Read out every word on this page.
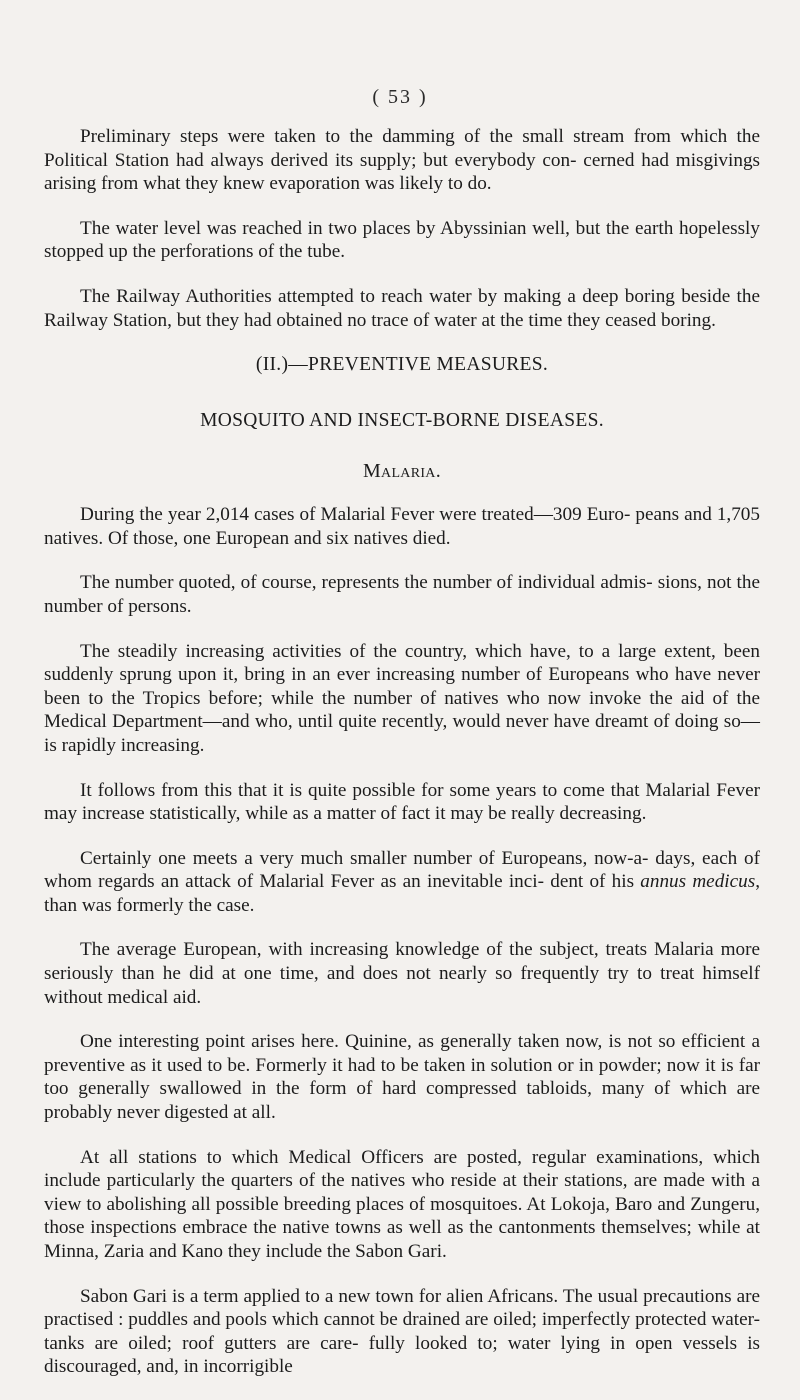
( 53 )

Preliminary steps were taken to the damming of the small stream from which the Political Station had always derived its supply; but everybody con- cerned had misgivings arising from what they knew evaporation was likely to do.

The water level was reached in two places by Abyssinian well, but the earth hopelessly stopped up the perforations of the tube.

The Railway Authorities attempted to reach water by making a deep boring beside the Railway Station, but they had obtained no trace of water at the time they ceased boring.

(II.)—PREVENTIVE MEASURES.
MOSQUITO AND INSECT-BORNE DISEASES.
Malaria.

During the year 2,014 cases of Malarial Fever were treated—309 Euro- peans and 1,705 natives. Of those, one European and six natives died.

The number quoted, of course, represents the number of individual admis- sions, not the number of persons.

The steadily increasing activities of the country, which have, to a large extent, been suddenly sprung upon it, bring in an ever increasing number of Europeans who have never been to the Tropics before; while the number of natives who now invoke the aid of the Medical Department—and who, until quite recently, would never have dreamt of doing so—is rapidly increasing.

It follows from this that it is quite possible for some years to come that Malarial Fever may increase statistically, while as a matter of fact it may be really decreasing.

Certainly one meets a very much smaller number of Europeans, now-a- days, each of whom regards an attack of Malarial Fever as an inevitable inci- dent of his annus medicus, than was formerly the case.

The average European, with increasing knowledge of the subject, treats Malaria more seriously than he did at one time, and does not nearly so frequently try to treat himself without medical aid.

One interesting point arises here. Quinine, as generally taken now, is not so efficient a preventive as it used to be. Formerly it had to be taken in solution or in powder; now it is far too generally swallowed in the form of hard compressed tabloids, many of which are probably never digested at all.

At all stations to which Medical Officers are posted, regular examinations, which include particularly the quarters of the natives who reside at their stations, are made with a view to abolishing all possible breeding places of mosquitoes. At Lokoja, Baro and Zungeru, those inspections embrace the native towns as well as the cantonments themselves; while at Minna, Zaria and Kano they include the Sabon Gari.

Sabon Gari is a term applied to a new town for alien Africans. The usual precautions are practised : puddles and pools which cannot be drained are oiled; imperfectly protected water-tanks are oiled; roof gutters are care- fully looked to; water lying in open vessels is discouraged, and, in incorrigible
